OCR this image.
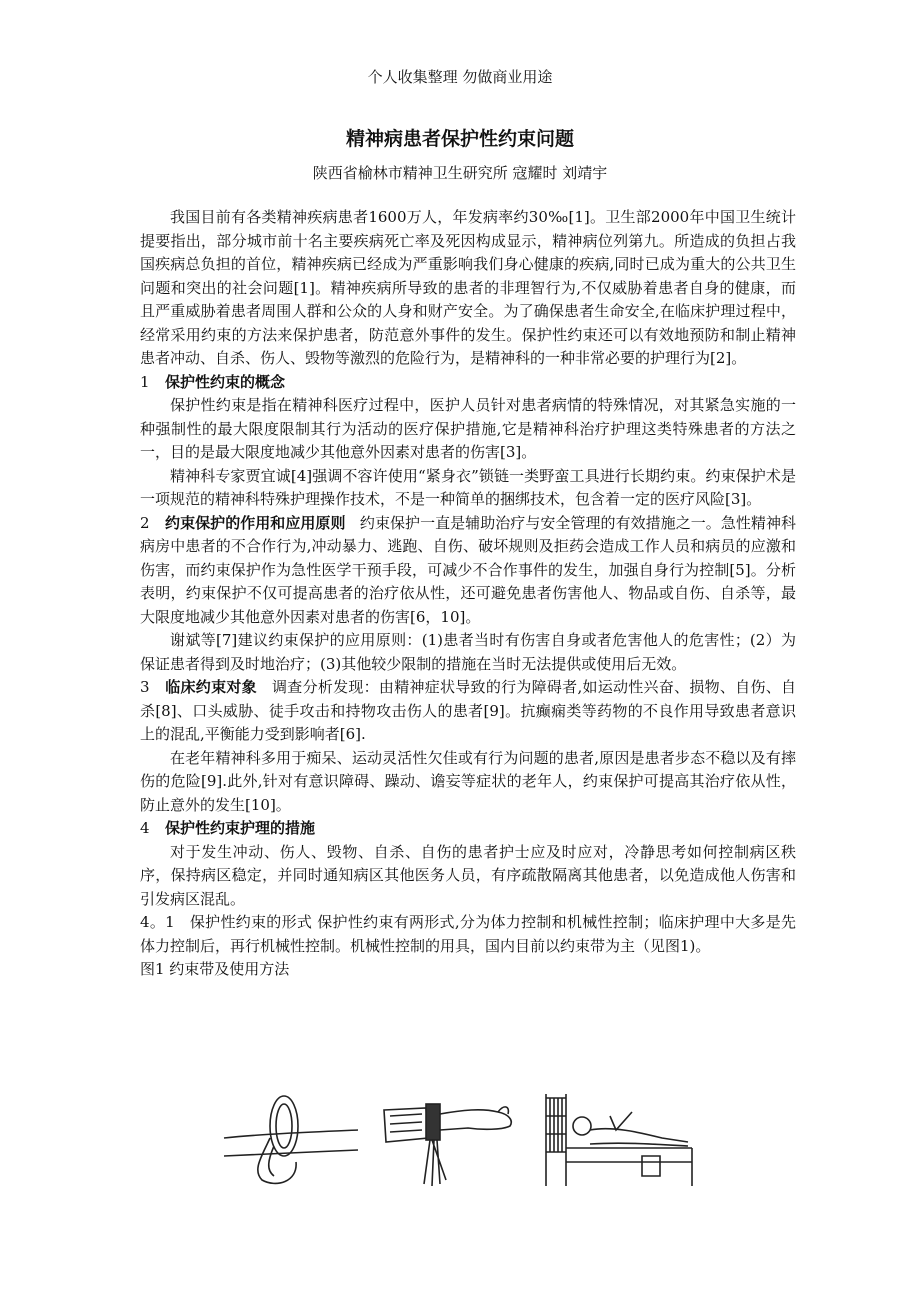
个人收集整理 勿做商业用途
精神病患者保护性约束问题
陕西省榆林市精神卫生研究所 寇耀时 刘靖宇

我国目前有各类精神疾病患者1600万人，年发病率约30‰[1]。卫生部2000年中国卫生统计提要指出，部分城市前十名主要疾病死亡率及死因构成显示，精神病位列第九。所造成的负担占我国疾病总负担的首位，精神疾病已经成为严重影响我们身心健康的疾病,同时已成为重大的公共卫生问题和突出的社会问题[1]。精神疾病所导致的患者的非理智行为,不仅威胁着患者自身的健康，而且严重威胁着患者周围人群和公众的人身和财产安全。为了确保患者生命安全,在临床护理过程中，经常采用约束的方法来保护患者，防范意外事件的发生。保护性约束还可以有效地预防和制止精神患者冲动、自杀、伤人、毁物等激烈的危险行为，是精神科的一种非常必要的护理行为[2]。

1 保护性约束的概念

保护性约束是指在精神科医疗过程中，医护人员针对患者病情的特殊情况，对其紧急实施的一种强制性的最大限度限制其行为活动的医疗保护措施,它是精神科治疗护理这类特殊患者的方法之一，目的是最大限度地减少其他意外因素对患者的伤害[3]。

精神科专家贾宜诚[4]强调不容许使用“紧身衣”锁链一类野蛮工具进行长期约束。约束保护术是一项规范的精神科特殊护理操作技术，不是一种简单的捆绑技术，包含着一定的医疗风险[3]。

2 约束保护的作用和应用原则 约束保护一直是辅助治疗与安全管理的有效措施之一。急性精神科病房中患者的不合作行为,冲动暴力、逃跑、自伤、破坏规则及拒药会造成工作人员和病员的应激和伤害，而约束保护作为急性医学干预手段，可减少不合作事件的发生，加强自身行为控制[5]。分析表明，约束保护不仅可提高患者的治疗依从性，还可避免患者伤害他人、物品或自伤、自杀等，最大限度地减少其他意外因素对患者的伤害[6，10]。

谢斌等[7]建议约束保护的应用原则：(1)患者当时有伤害自身或者危害他人的危害性；(2）为保证患者得到及时地治疗；(3)其他较少限制的措施在当时无法提供或使用后无效。

3 临床约束对象 调查分析发现：由精神症状导致的行为障碍者,如运动性兴奋、损物、自伤、自杀[8]、口头威胁、徒手攻击和持物攻击伤人的患者[9]。抗癫痫类等药物的不良作用导致患者意识上的混乱,平衡能力受到影响者[6].

在老年精神科多用于痴呆、运动灵活性欠佳或有行为问题的患者,原因是患者步态不稳以及有摔伤的危险[9].此外,针对有意识障碍、躁动、谵妄等症状的老年人，约束保护可提高其治疗依从性，防止意外的发生[10]。

4 保护性约束护理的措施

对于发生冲动、伤人、毁物、自杀、自伤的患者护士应及时应对，冷静思考如何控制病区秩序，保持病区稳定，并同时通知病区其他医务人员，有序疏散隔离其他患者，以免造成他人伤害和引发病区混乱。

4。1 保护性约束的形式 保护性约束有两形式,分为体力控制和机械性控制；临床护理中大多是先体力控制后，再行机械性控制。机械性控制的用具，国内目前以约束带为主（见图1)。

图1 约束带及使用方法
